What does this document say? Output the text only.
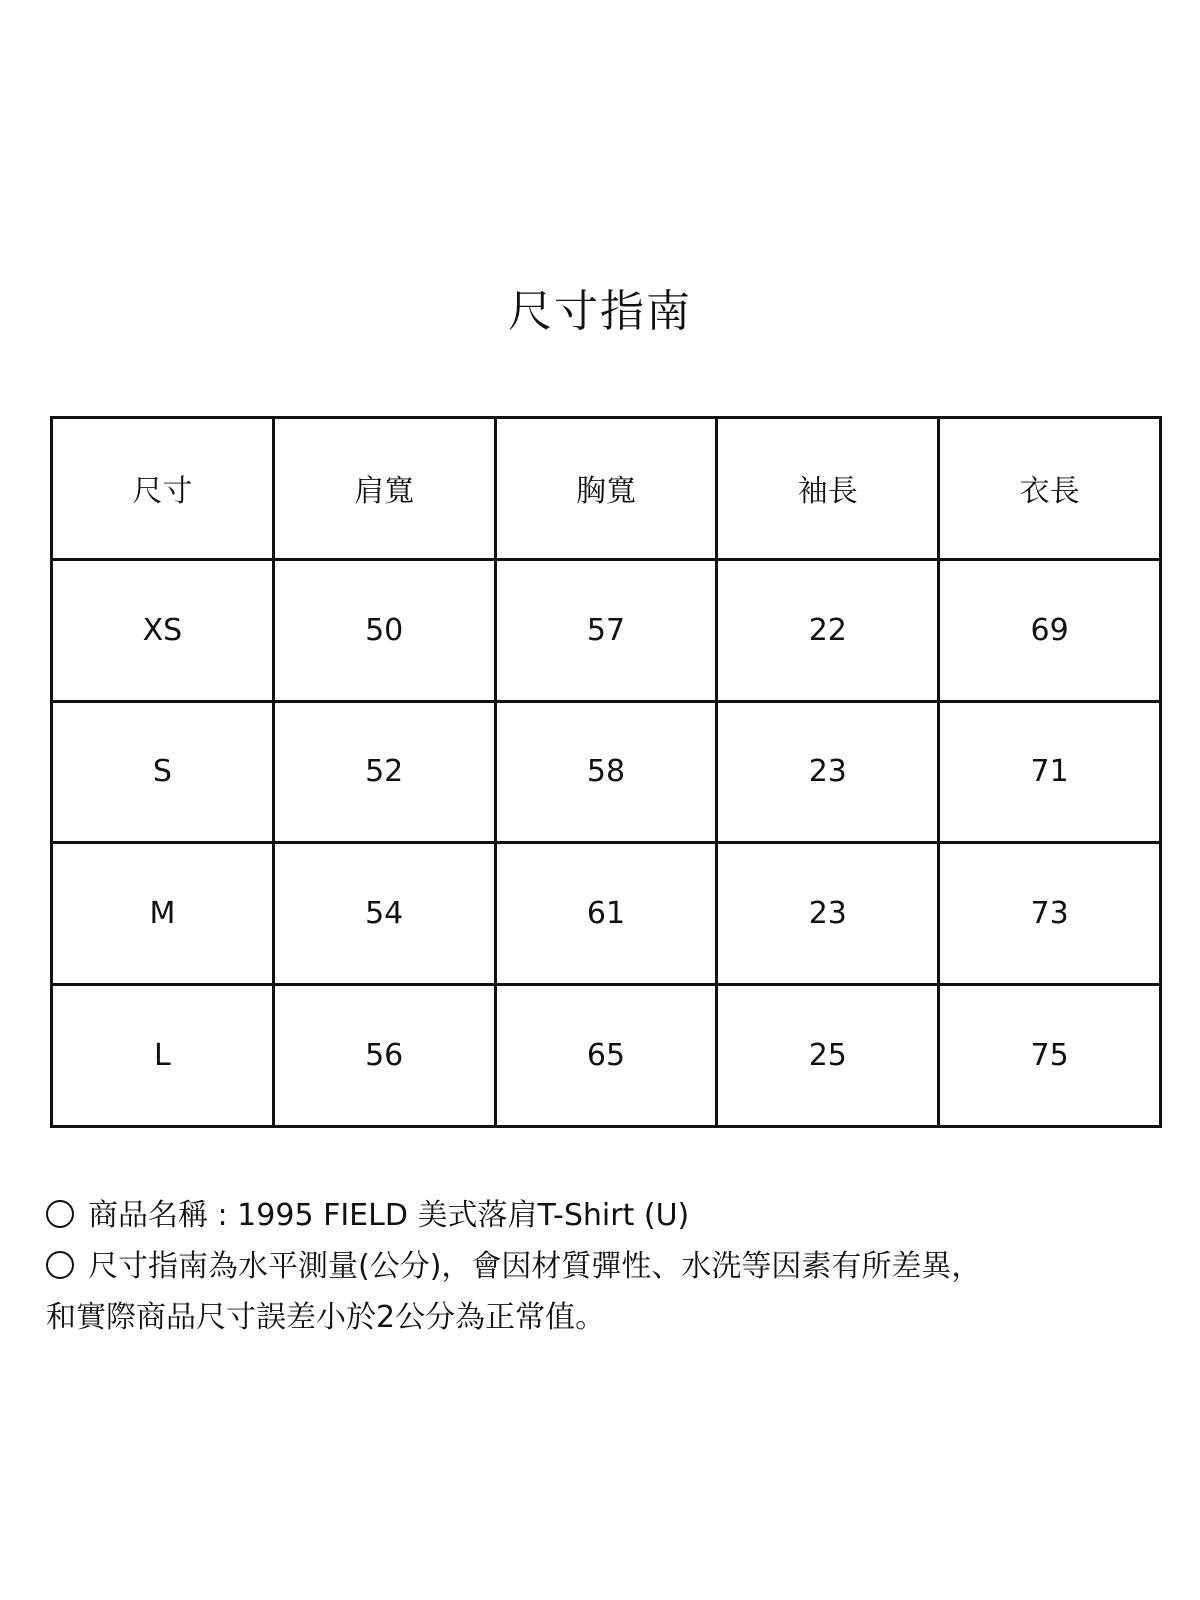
尺寸指南
尺寸	肩寬	胸寬	袖長	衣長
XS	50	57	22	69
S	52	58	23	71
M	54	61	23	73
L	56	65	25	75
商品名稱 : 1995 FIELD 美式落肩T-Shirt (U)
尺寸指南為水平測量(公分)，會因材質彈性、水洗等因素有所差異，
和實際商品尺寸誤差小於2公分為正常值。
